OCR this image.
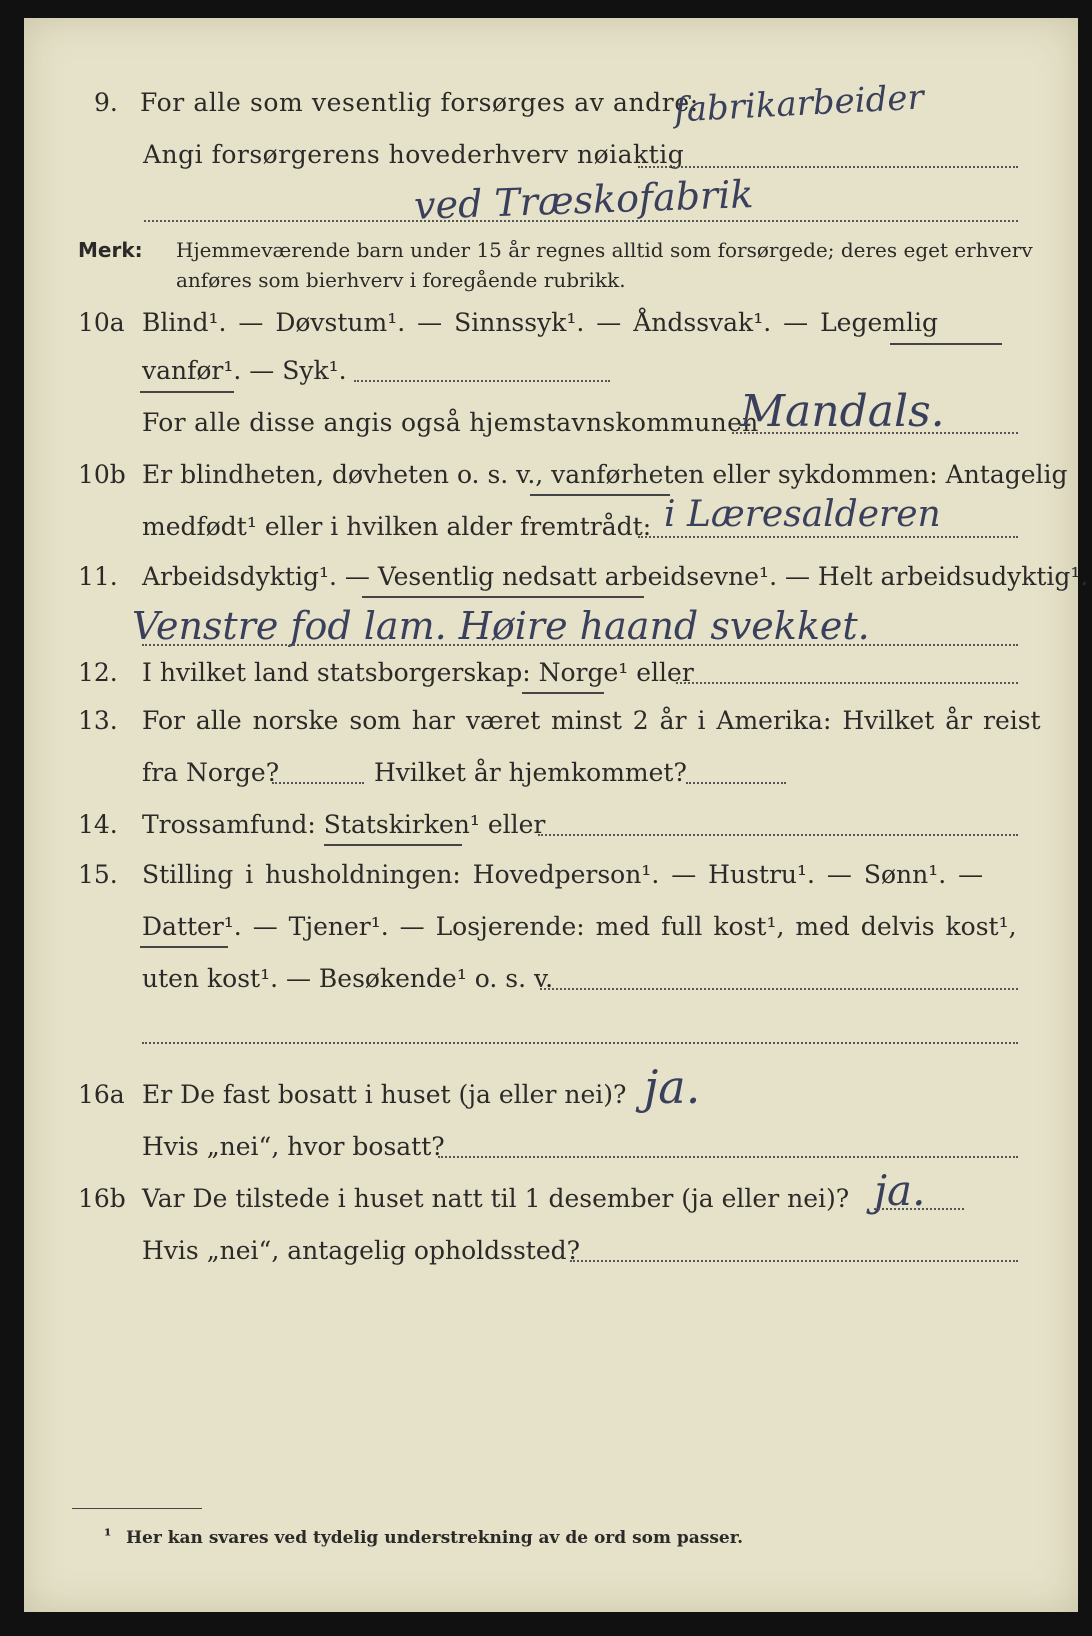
9. For alle som vesentlig forsørges av andre:
fabrikarbeider
Angi forsørgerens hovederhverv nøiaktig
ved Træskofabrik
Merk: Hjemmeværende barn under 15 år regnes alltid som forsørgede; deres eget erhverv
anføres som bierhverv i foregående rubrikk.
10a Blind¹. — Døvstum¹. — Sinnssyk¹. — Åndssvak¹. — Legemlig
vanfør¹. — Syk¹.
For alle disse angis også hjemstavnskommunen
Mandals.
10b Er blindheten, døvheten o. s. v., vanførheten eller sykdommen: Antagelig
medfødt¹ eller i hvilken alder fremtrådt: i Læresalderen
11. Arbeidsdyktig¹. — Vesentlig nedsatt arbeidsevne¹. — Helt arbeidsudyktig¹.
Venstre fod lam. Høire haand svekket.
12. I hvilket land statsborgerskap: Norge¹ eller
13. For alle norske som har været minst 2 år i Amerika: Hvilket år reist
fra Norge?	Hvilket år hjemkommet?
14. Trossamfund: Statskirken¹ eller
15. Stilling i husholdningen: Hovedperson¹. — Hustru¹. — Sønn¹. —
Datter¹. — Tjener¹. — Losjerende: med full kost¹, med delvis kost¹,
uten kost¹. — Besøkende¹ o. s. v.
16a Er De fast bosatt i huset (ja eller nei)? ja.
Hvis „nei“, hvor bosatt?
16b Var De tilstede i huset natt til 1 desember (ja eller nei)? ja.
Hvis „nei“, antagelig opholdssted?
¹ Her kan svares ved tydelig understrekning av de ord som passer.
